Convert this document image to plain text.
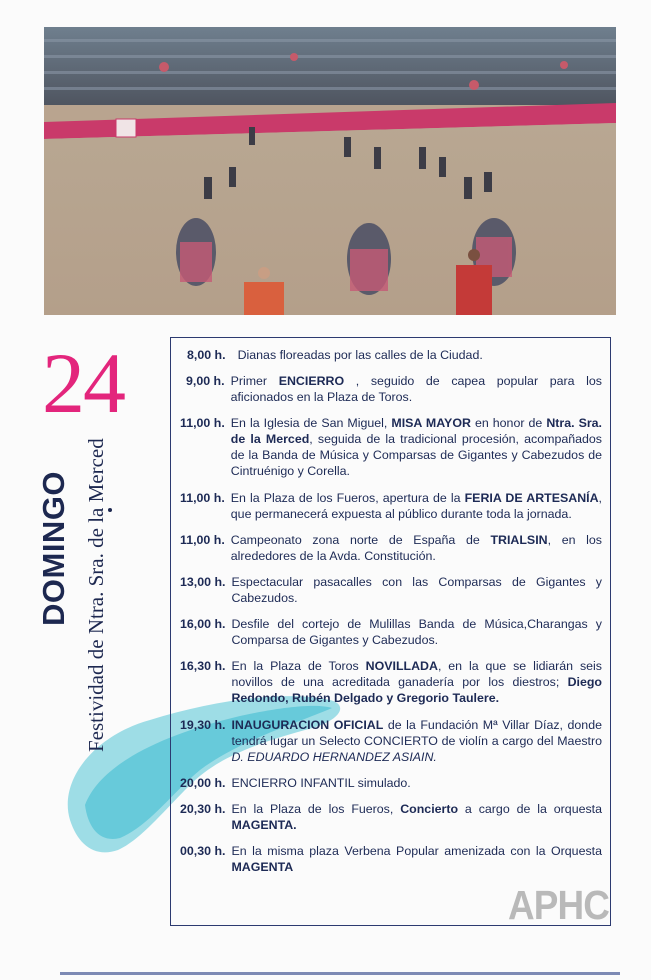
24
DOMINGO Festividad de Ntra. Sra. de la Merced
8,00 h. Dianas floreadas por las calles de la Ciudad.
9,00 h. Primer ENCIERRO , seguido de capea popular para los aficionados en la Plaza de Toros.
11,00 h. En la Iglesia de San Miguel, MISA MAYOR en honor de Ntra. Sra. de la Merced, seguida de la tradicional procesión, acompañados de la Banda de Música y Comparsas de Gigantes y Cabezudos de Cintruénigo y Corella.
11,00 h. En la Plaza de los Fueros, apertura de la FERIA DE ARTESANÍA, que permanecerá expuesta al público durante toda la jornada.
11,00 h. Campeonato zona norte de España de TRIALSIN, en los alrededores de la Avda. Constitución.
13,00 h. Espectacular pasacalles con las Comparsas de Gigantes y Cabezudos.
16,00 h. Desfile del cortejo de Mulillas Banda de Música,Charangas y Comparsa de Gigantes y Cabezudos.
16,30 h. En la Plaza de Toros NOVILLADA, en la que se lidiarán seis novillos de una acreditada ganadería por los diestros; Diego Redondo, Rubén Delgado y Gregorio Taulere.
19,30 h. INAUGURACION OFICIAL de la Fundación Mª Villar Díaz, donde tendrá lugar un Selecto CONCIERTO de violín a cargo del Maestro D. EDUARDO HERNANDEZ ASIAIN.
20,00 h. ENCIERRO INFANTIL simulado.
20,30 h. En la Plaza de los Fueros, Concierto a cargo de la orquesta MAGENTA.
00,30 h. En la misma plaza Verbena Popular amenizada con la Orquesta MAGENTA
APHC
